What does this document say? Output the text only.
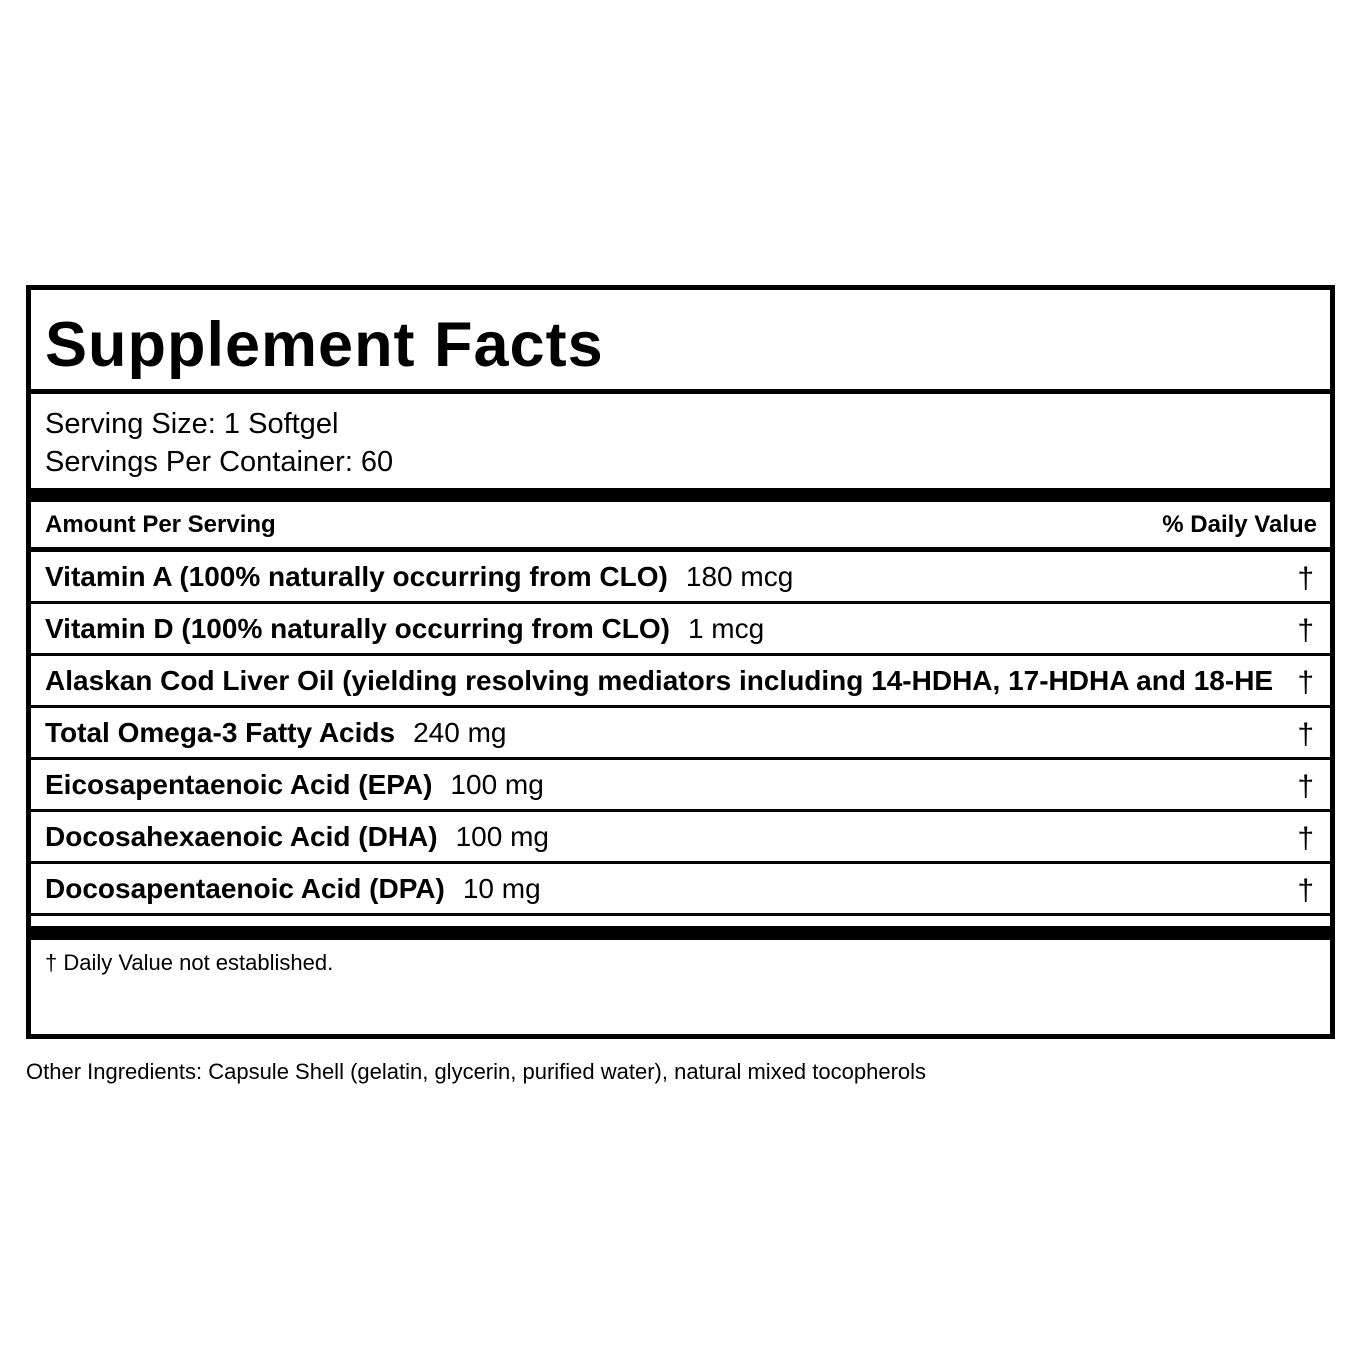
Supplement Facts
Serving Size: 1 Softgel
Servings Per Container: 60
Amount Per Serving	% Daily Value
Vitamin A (100% naturally occurring from CLO) 180 mcg	†
Vitamin D (100% naturally occurring from CLO) 1 mcg	†
Alaskan Cod Liver Oil (yielding resolving mediators including 14-HDHA, 17-HDHA and 18-HE †
Total Omega-3 Fatty Acids 240 mg	†
Eicosapentaenoic Acid (EPA) 100 mg	†
Docosahexaenoic Acid (DHA) 100 mg	†
Docosapentaenoic Acid (DPA) 10 mg	†
† Daily Value not established.
Other Ingredients: Capsule Shell (gelatin, glycerin, purified water), natural mixed tocopherols
